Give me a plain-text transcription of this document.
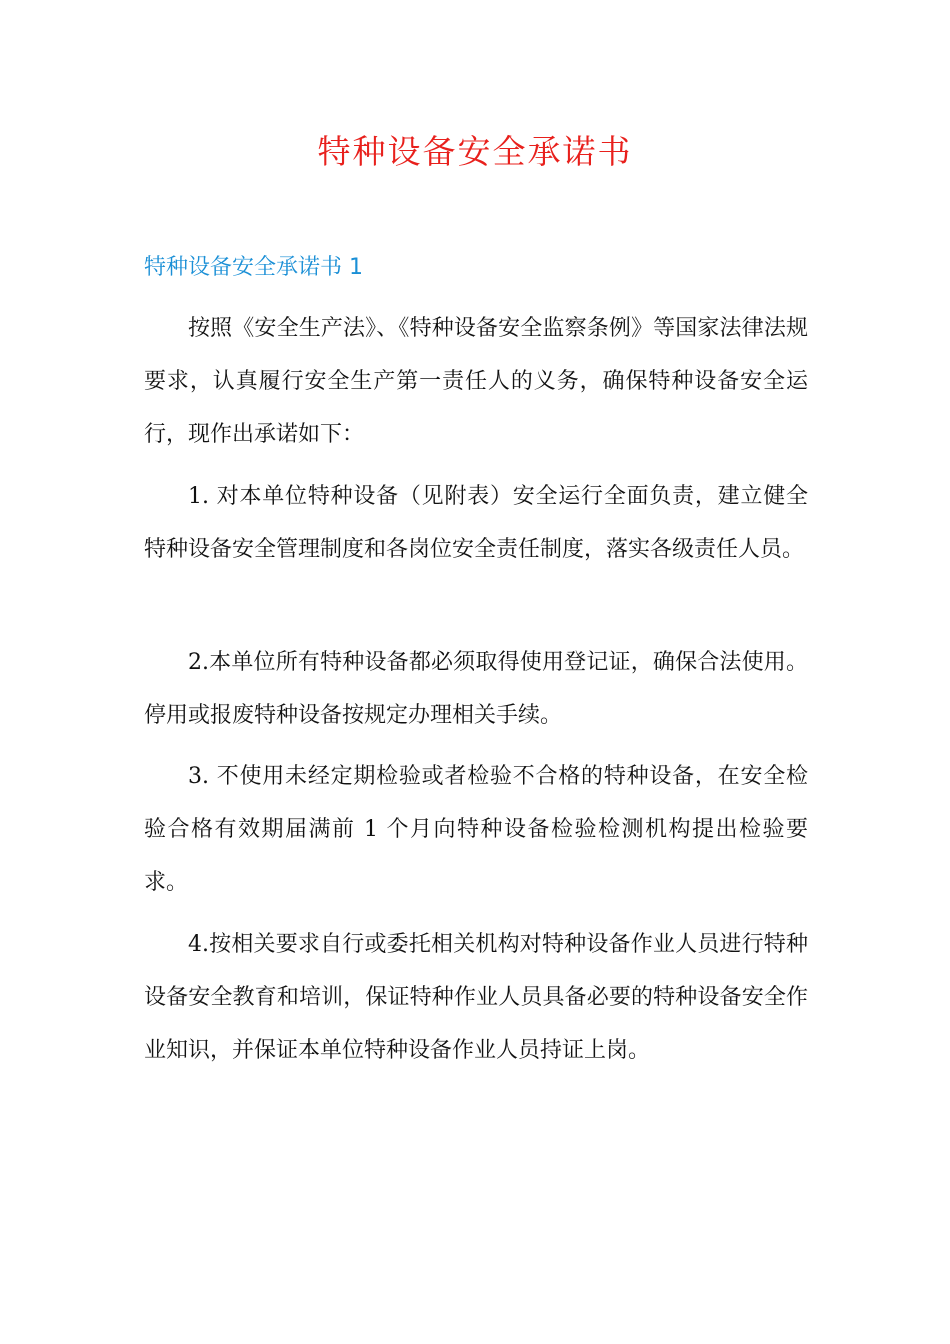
特种设备安全承诺书
特种设备安全承诺书 1

按照《安全生产法》、《特种设备安全监察条例》等国家法律法规要求，认真履行安全生产第一责任人的义务，确保特种设备安全运行，现作出承诺如下：

1. 对本单位特种设备（见附表）安全运行全面负责，建立健全特种设备安全管理制度和各岗位安全责任制度，落实各级责任人员。

2.本单位所有特种设备都必须取得使用登记证，确保合法使用。停用或报废特种设备按规定办理相关手续。

3. 不使用未经定期检验或者检验不合格的特种设备，在安全检验合格有效期届满前 1 个月向特种设备检验检测机构提出检验要求。

4.按相关要求自行或委托相关机构对特种设备作业人员进行特种设备安全教育和培训，保证特种作业人员具备必要的特种设备安全作业知识，并保证本单位特种设备作业人员持证上岗。
